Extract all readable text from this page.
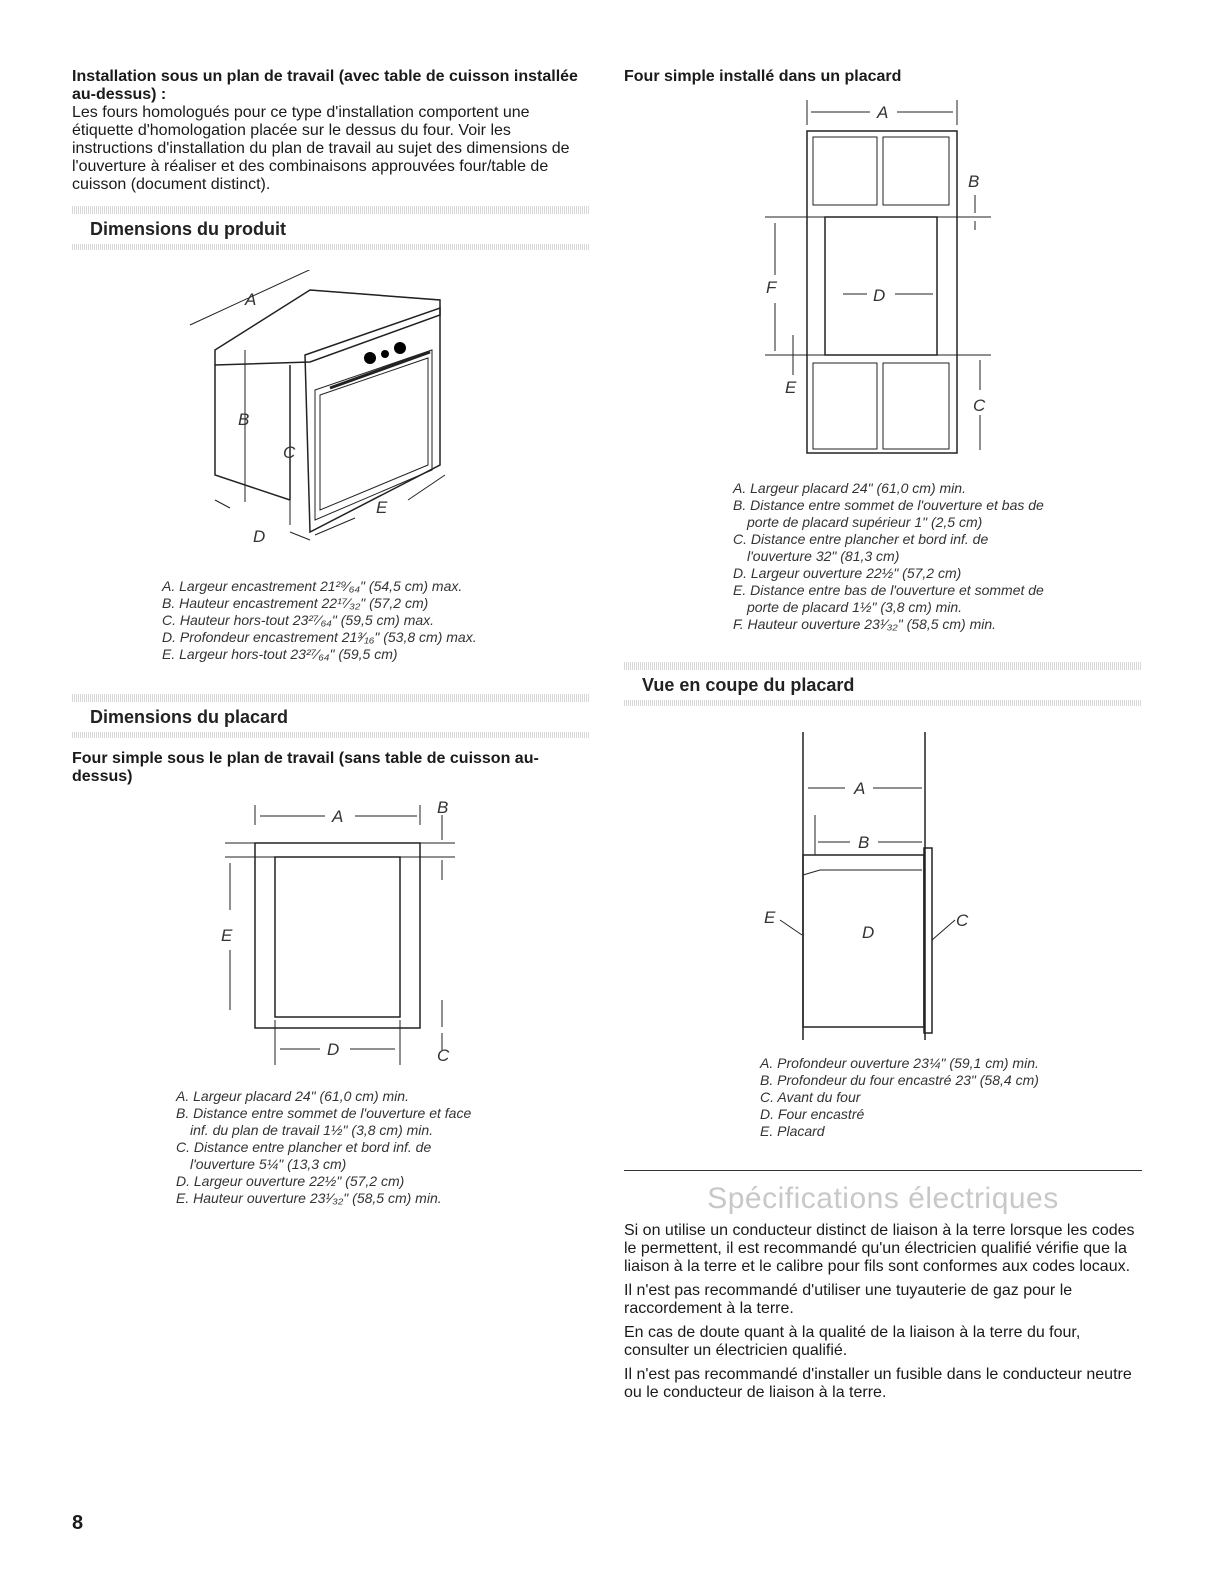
Installation sous un plan de travail (avec table de cuisson installée au-dessus) :
Les fours homologués pour ce type d'installation comportent une étiquette d'homologation placée sur le dessus du four. Voir les instructions d'installation du plan de travail au sujet des dimensions de l'ouverture à réaliser et des combinaisons approuvées four/table de cuisson (document distinct).
Dimensions du produit
A
B
C
D
E
A. Largeur encastrement 21²⁹⁄₆₄" (54,5 cm) max.
B. Hauteur encastrement 22¹⁷⁄₃₂" (57,2 cm)
C. Hauteur hors-tout 23²⁷⁄₆₄" (59,5 cm) max.
D. Profondeur encastrement 21³⁄₁₆" (53,8 cm) max.
E. Largeur hors-tout 23²⁷⁄₆₄" (59,5 cm)
Dimensions du placard
Four simple sous le plan de travail (sans table de cuisson au-dessus)
A	B
C
D
E
A. Largeur placard 24" (61,0 cm) min.
B. Distance entre sommet de l'ouverture et face
inf. du plan de travail 1½" (3,8 cm) min.
C. Distance entre plancher et bord inf. de
l'ouverture 5¼" (13,3 cm)
D. Largeur ouverture 22½" (57,2 cm)
E. Hauteur ouverture 23¹⁄₃₂" (58,5 cm) min.
Four simple installé dans un placard
A
B
C
D
E
F
A. Largeur placard 24" (61,0 cm) min.
B. Distance entre sommet de l'ouverture et bas de
porte de placard supérieur 1" (2,5 cm)
C. Distance entre plancher et bord inf. de
l'ouverture 32" (81,3 cm)
D. Largeur ouverture 22½" (57,2 cm)
E. Distance entre bas de l'ouverture et sommet de
porte de placard 1½" (3,8 cm) min.
F. Hauteur ouverture 23¹⁄₃₂" (58,5 cm) min.
Vue en coupe du placard
A
B
C
D
E
A. Profondeur ouverture 23¼" (59,1 cm) min.
B. Profondeur du four encastré 23" (58,4 cm)
C. Avant du four
D. Four encastré
E. Placard
Spécifications électriques
Si on utilise un conducteur distinct de liaison à la terre lorsque les codes le permettent, il est recommandé qu'un électricien qualifié vérifie que la liaison à la terre et le calibre pour fils sont conformes aux codes locaux.
Il n'est pas recommandé d'utiliser une tuyauterie de gaz pour le raccordement à la terre.
En cas de doute quant à la qualité de la liaison à la terre du four, consulter un électricien qualifié.
Il n'est pas recommandé d'installer un fusible dans le conducteur neutre ou le conducteur de liaison à la terre.
8
